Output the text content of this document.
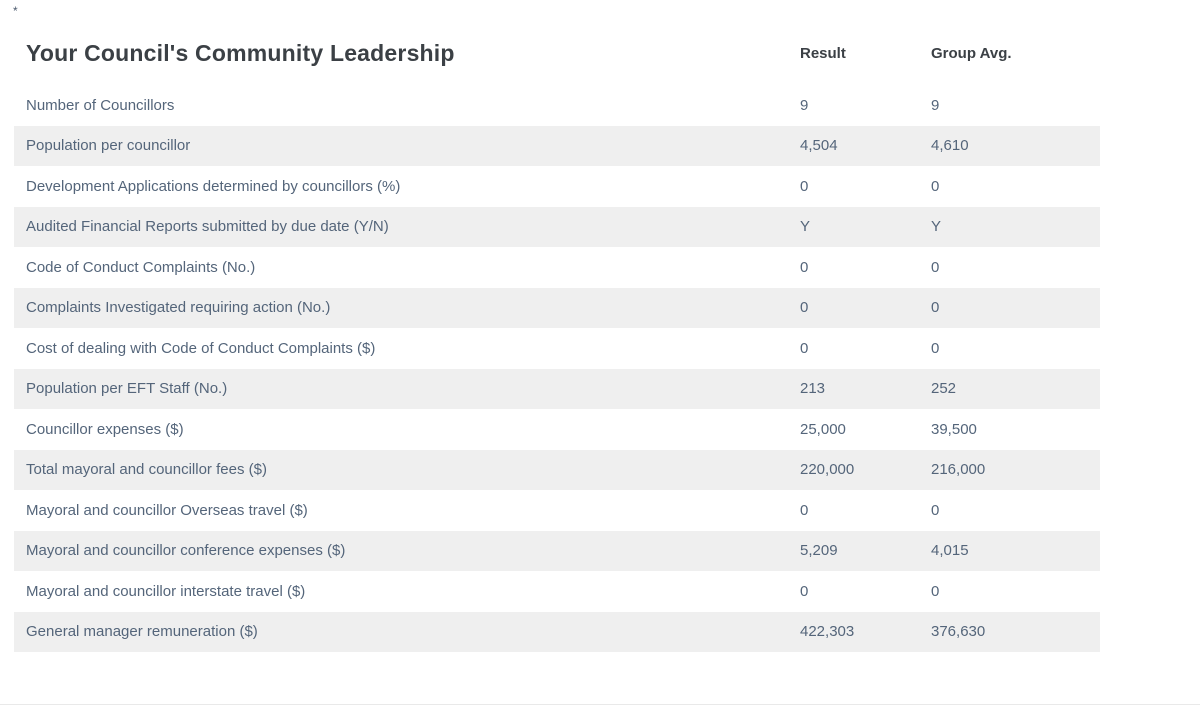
*
Your Council's Community Leadership	Result	Group Avg.
Number of Councillors	9	9
Population per councillor	4,504	4,610
Development Applications determined by councillors (%)	0	0
Audited Financial Reports submitted by due date (Y/N)	Y	Y
Code of Conduct Complaints (No.)	0	0
Complaints Investigated requiring action (No.)	0	0
Cost of dealing with Code of Conduct Complaints ($)	0	0
Population per EFT Staff (No.)	213	252
Councillor expenses ($)	25,000	39,500
Total mayoral and councillor fees ($)	220,000	216,000
Mayoral and councillor Overseas travel ($)	0	0
Mayoral and councillor conference expenses ($)	5,209	4,015
Mayoral and councillor interstate travel ($)	0	0
General manager remuneration ($)	422,303	376,630
